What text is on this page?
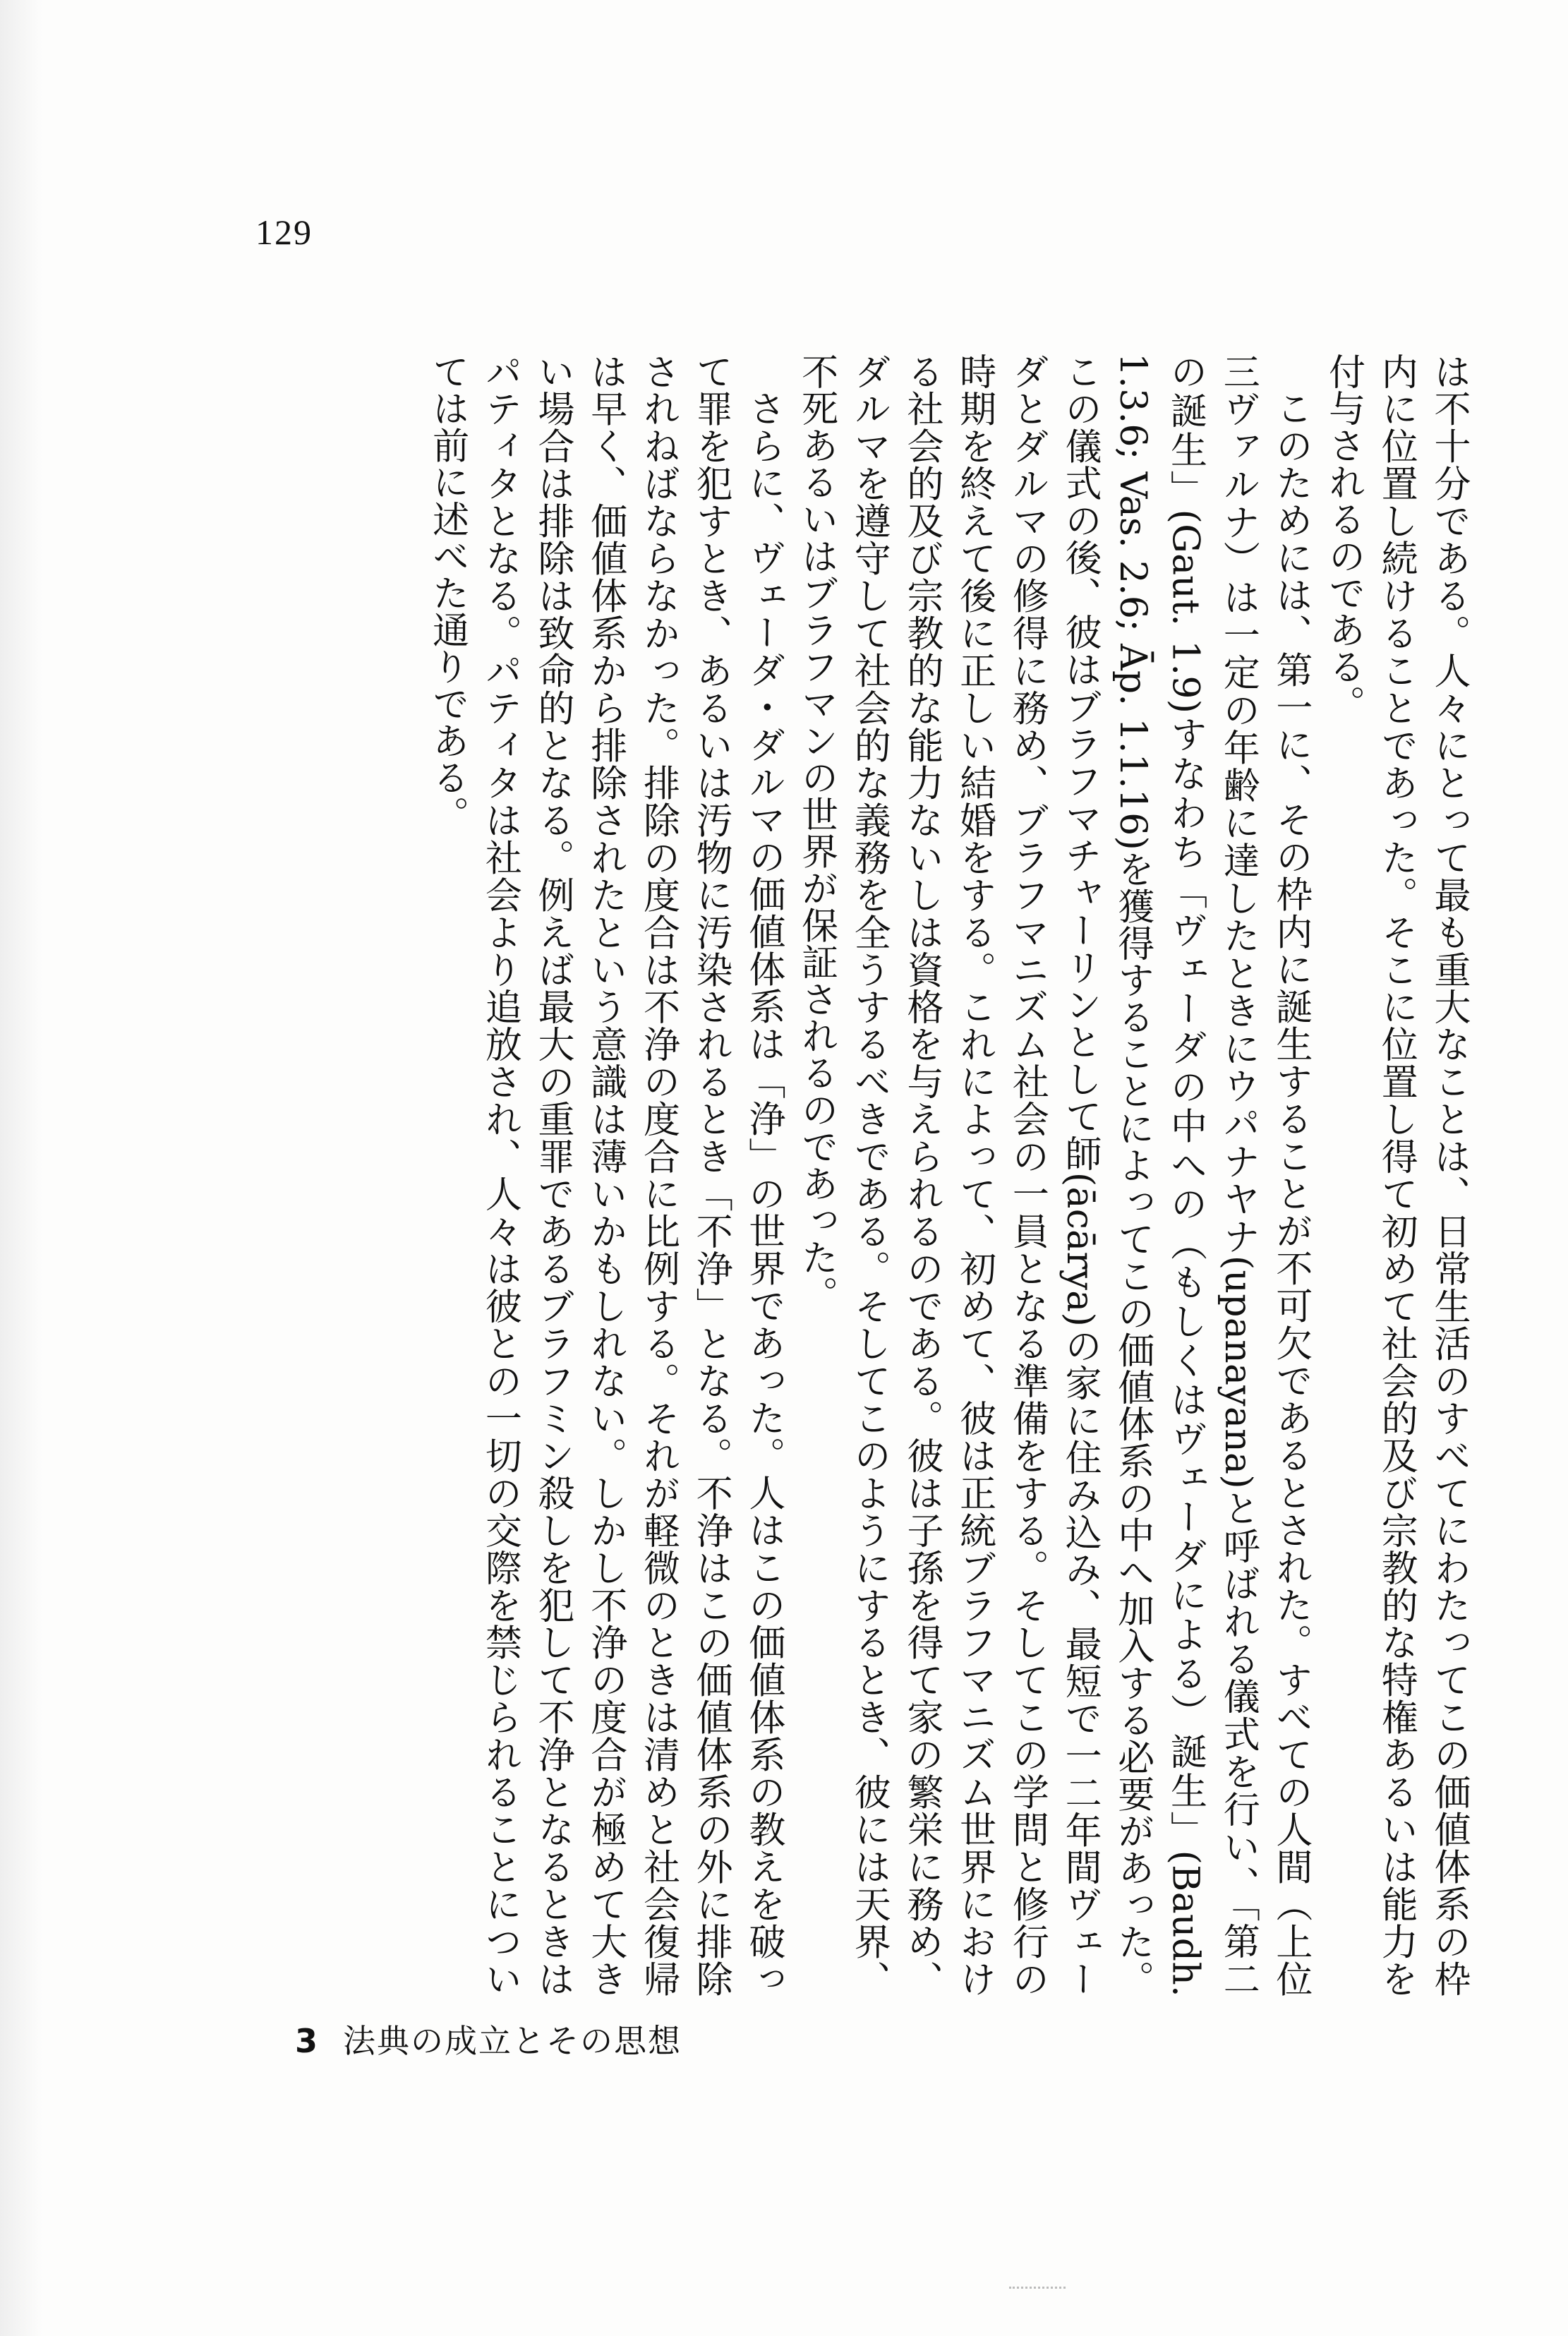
129

は不十分である。人々にとって最も重大なことは、日常生活のすべてにわたってこの価値体系の枠内に位置し続けることであった。そこに位置し得て初めて社会的及び宗教的な特権あるいは能力を付与されるのである。

このためには、第一に、その枠内に誕生することが不可欠であるとされた。すべての人間（上位三ヴァルナ）は一定の年齢に達したときにウパナヤナ(upanayana)と呼ばれる儀式を行い、「第二の誕生」(Gaut. 1.9)すなわち「ヴェーダの中への（もしくはヴェーダによる）誕生」(Baudh. 1.3.6; Vas. 2.6; Āp. 1.1.16)を獲得することによってこの価値体系の中へ加入する必要があった。この儀式の後、彼はブラフマチャーリンとして師(ācārya)の家に住み込み、最短で一二年間ヴェーダとダルマの修得に務め、ブラフマニズム社会の一員となる準備をする。そしてこの学問と修行の時期を終えて後に正しい結婚をする。これによって、初めて、彼は正統ブラフマニズム世界における社会的及び宗教的な能力ないしは資格を与えられるのである。彼は子孫を得て家の繁栄に務め、ダルマを遵守して社会的な義務を全うするべきである。そしてこのようにするとき、彼には天界、不死あるいはブラフマンの世界が保証されるのであった。

さらに、ヴェーダ・ダルマの価値体系は「浄」の世界であった。人はこの価値体系の教えを破って罪を犯すとき、あるいは汚物に汚染されるとき「不浄」となる。不浄はこの価値体系の外に排除されねばならなかった。排除の度合は不浄の度合に比例する。それが軽微のときは清めと社会復帰は早く、価値体系から排除されたという意識は薄いかもしれない。しかし不浄の度合が極めて大きい場合は排除は致命的となる。例えば最大の重罪であるブラフミン殺しを犯して不浄となるときはパティタとなる。パティタは社会より追放され、人々は彼との一切の交際を禁じられることについては前に述べた通りである。

3 法典の成立とその思想
